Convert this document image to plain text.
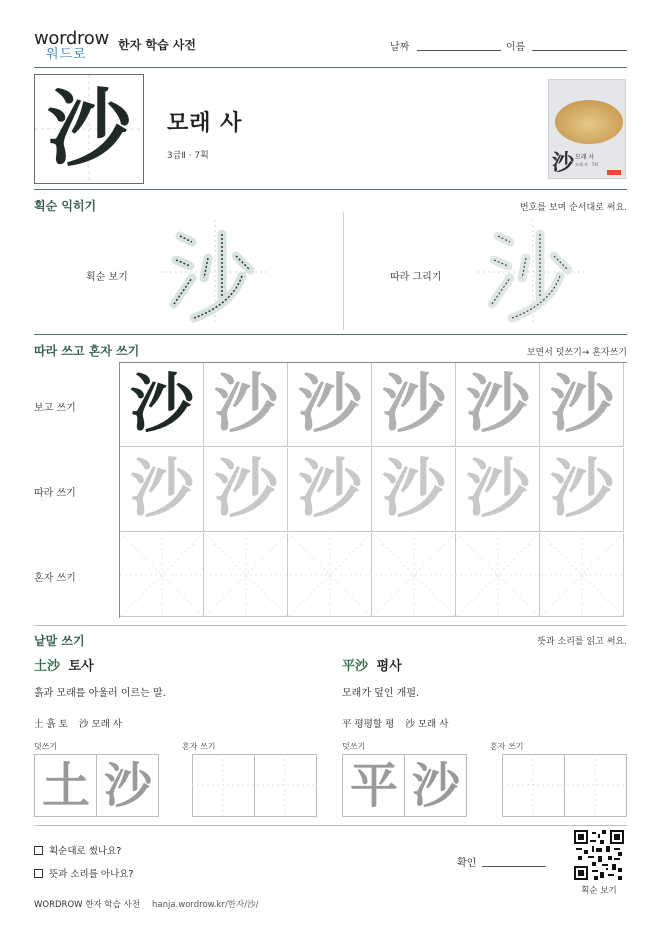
wordrow
워드로
한자 학습 사전	날짜	이름
沙	모래 사
3급Ⅱ · 7획	沙 모래 사
모래 사 · 7획
획순 익히기	번호를 보며 순서대로 써요.
획순 보기	따라 그리기
따라 쓰고 혼자 쓰기	보면서 덧쓰기→ 혼자쓰기
보고 쓰기
따라 쓰기
혼자 쓰기
沙 沙 沙 沙 沙 沙
沙 沙 沙 沙 沙 沙
낱말 쓰기	뜻과 소리를 읽고 써요.
土沙 토사
흙과 모래를 아울러 이르는 말.
土 흙 토 沙 모래 사
덧쓰기	혼자 쓰기
土 沙
平沙 평사
모래가 덮인 개펄.
平 평평할 평 沙 모래 사
덧쓰기	혼자 쓰기
平 沙
획순대로 썼나요?
뜻과 소리를 아나요?
확인
획순 보기
WORDROW 한자 학습 사전 hanja.wordrow.kr/한자/沙/
